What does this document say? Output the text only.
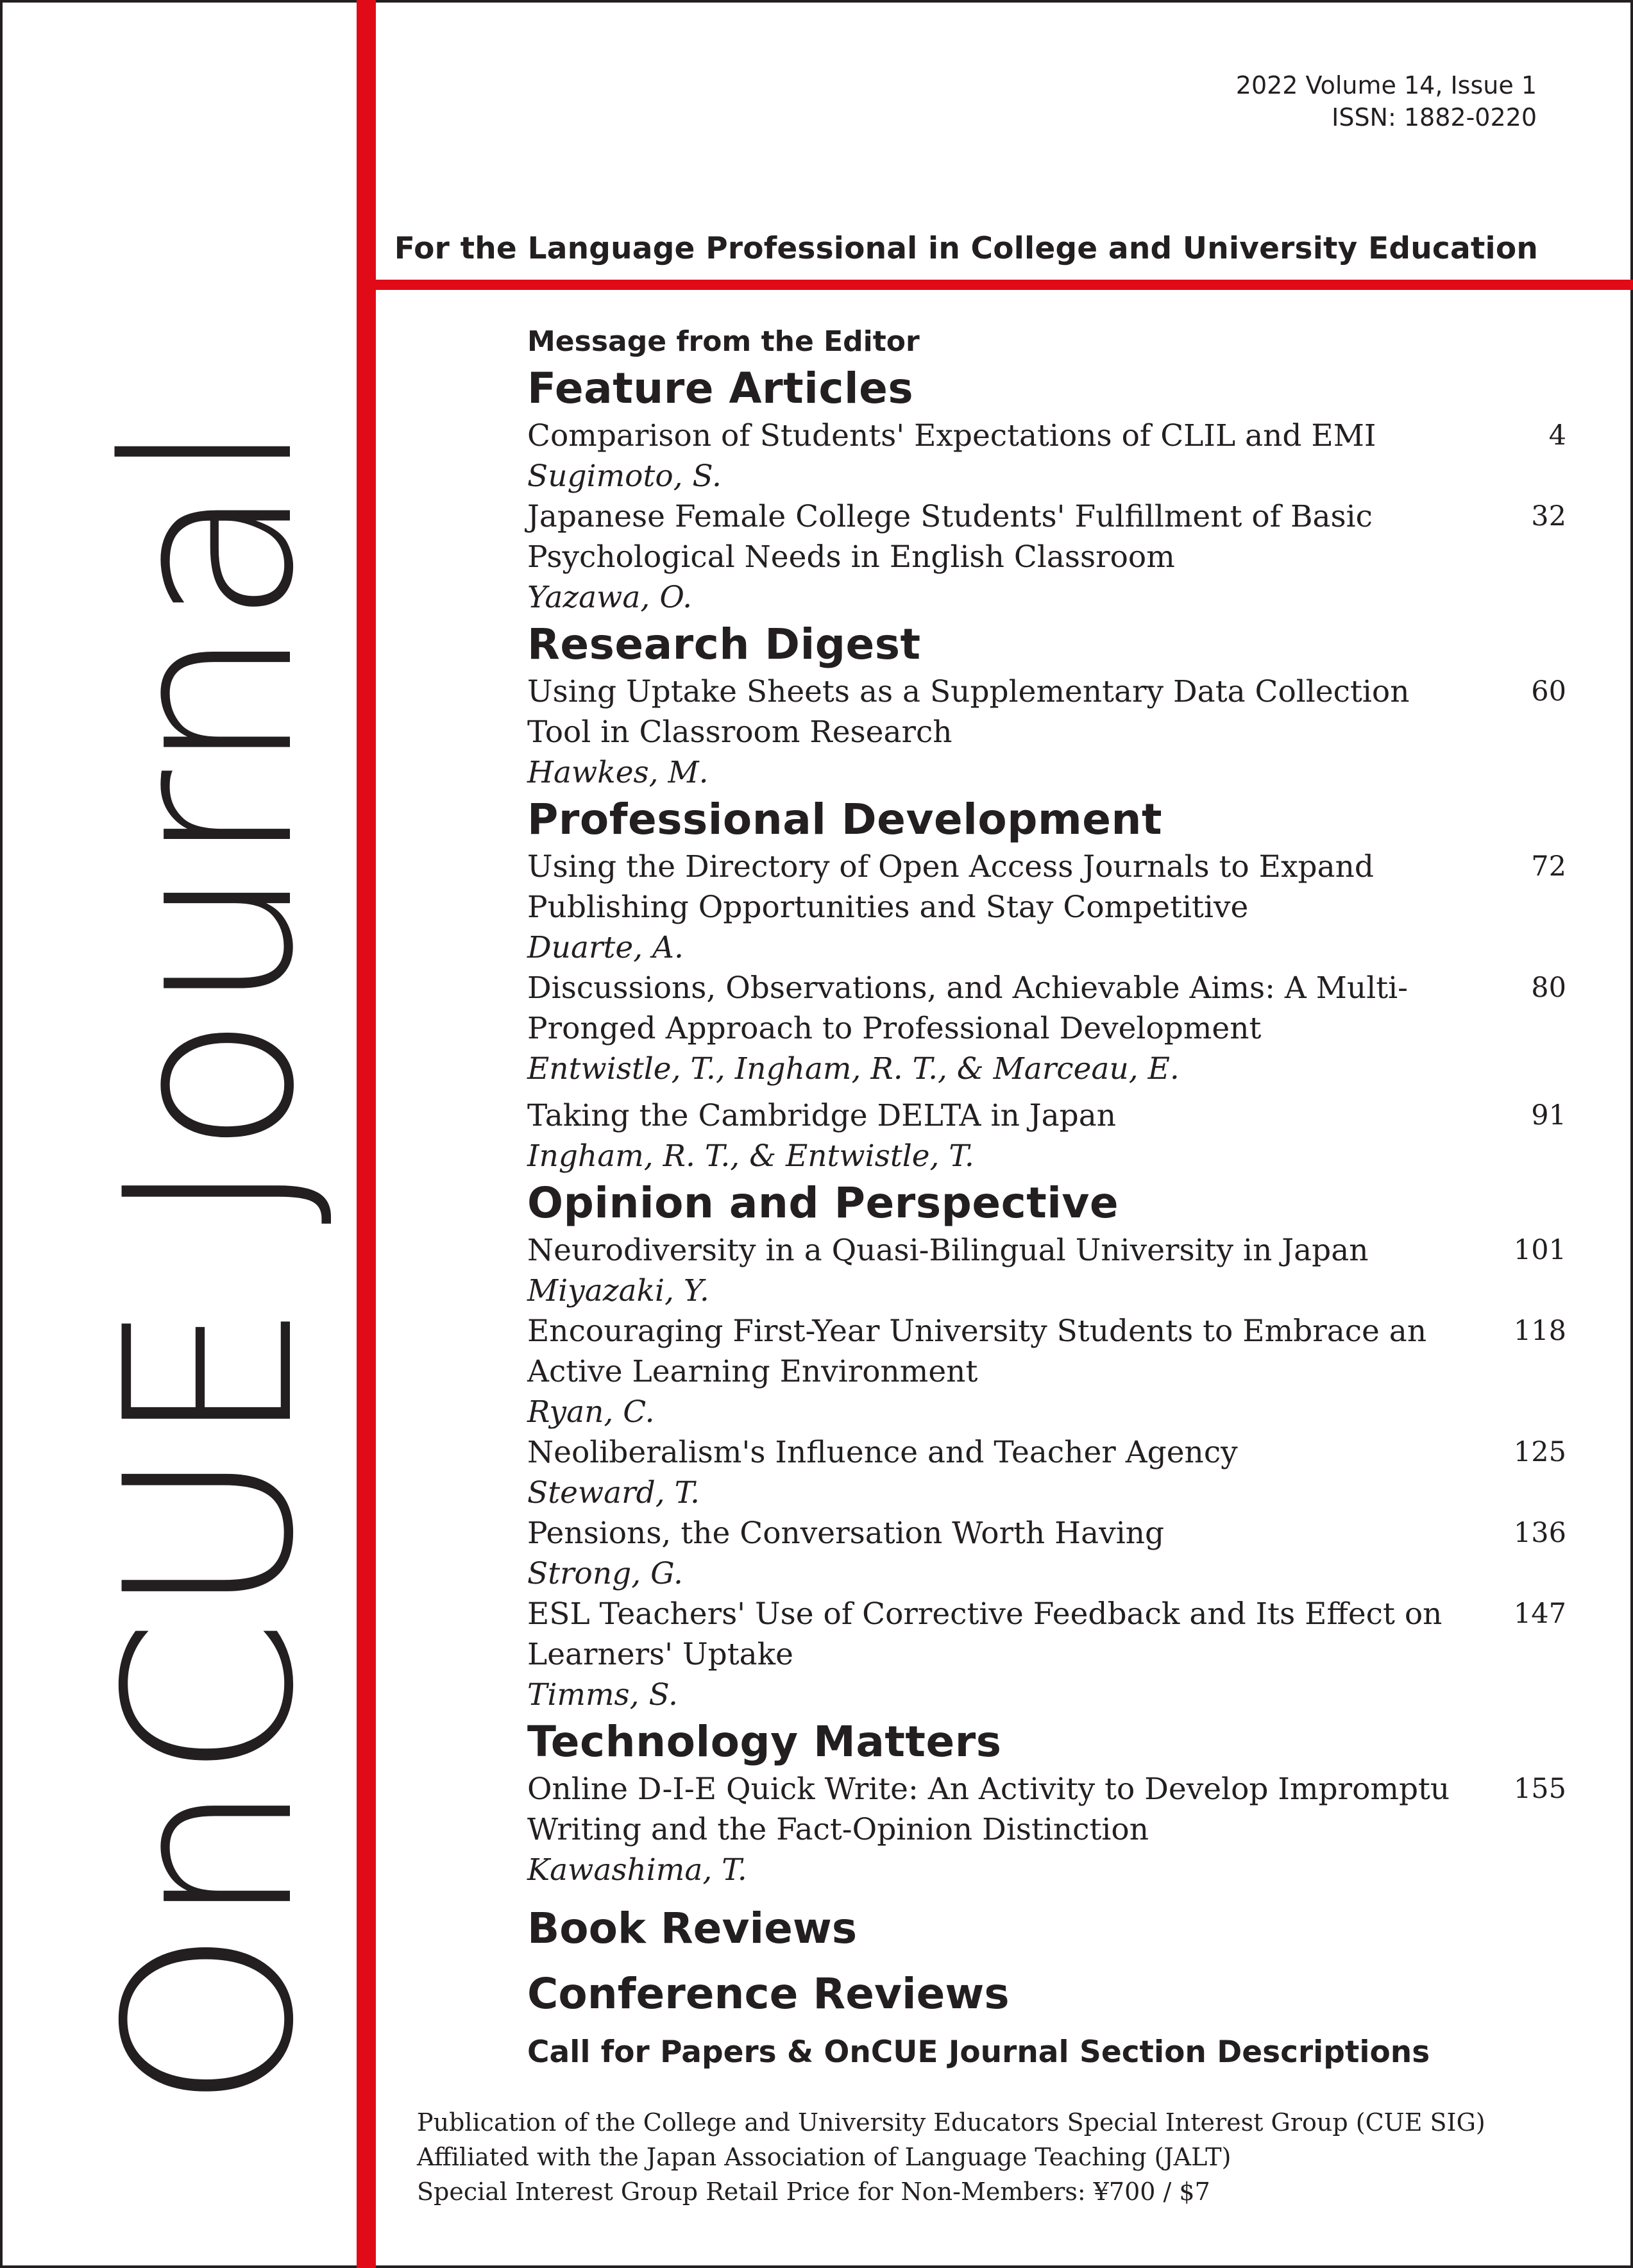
OnCUE Journal
2022 Volume 14, Issue 1
ISSN: 1882-0220
For the Language Professional in College and University Education
Message from the Editor
Feature Articles
Comparison of Students' Expectations of CLIL and EMI
Sugimoto, S.
4
Japanese Female College Students' Fulfillment of Basic Psychological Needs in English Classroom
Yazawa, O.
32
Research Digest
Using Uptake Sheets as a Supplementary Data Collection Tool in Classroom Research
Hawkes, M.
60
Professional Development
Using the Directory of Open Access Journals to Expand Publishing Opportunities and Stay Competitive
Duarte, A.
72
Discussions, Observations, and Achievable Aims: A Multi-Pronged Approach to Professional Development
Entwistle, T., Ingham, R. T., & Marceau, E.
80
Taking the Cambridge DELTA in Japan
Ingham, R. T., & Entwistle, T.
91
Opinion and Perspective
Neurodiversity in a Quasi-Bilingual University in Japan
Miyazaki, Y.
101
Encouraging First-Year University Students to Embrace an Active Learning Environment
Ryan, C.
118
Neoliberalism's Influence and Teacher Agency
Steward, T.
125
Pensions, the Conversation Worth Having
Strong, G.
136
ESL Teachers' Use of Corrective Feedback and Its Effect on Learners' Uptake
Timms, S.
147
Technology Matters
Online D-I-E Quick Write: An Activity to Develop Impromptu Writing and the Fact-Opinion Distinction
Kawashima, T.
155
Book Reviews
Conference Reviews
Call for Papers & OnCUE Journal Section Descriptions
Publication of the College and University Educators Special Interest Group (CUE SIG)
Affiliated with the Japan Association of Language Teaching (JALT)
Special Interest Group Retail Price for Non-Members: ¥700 / $7
